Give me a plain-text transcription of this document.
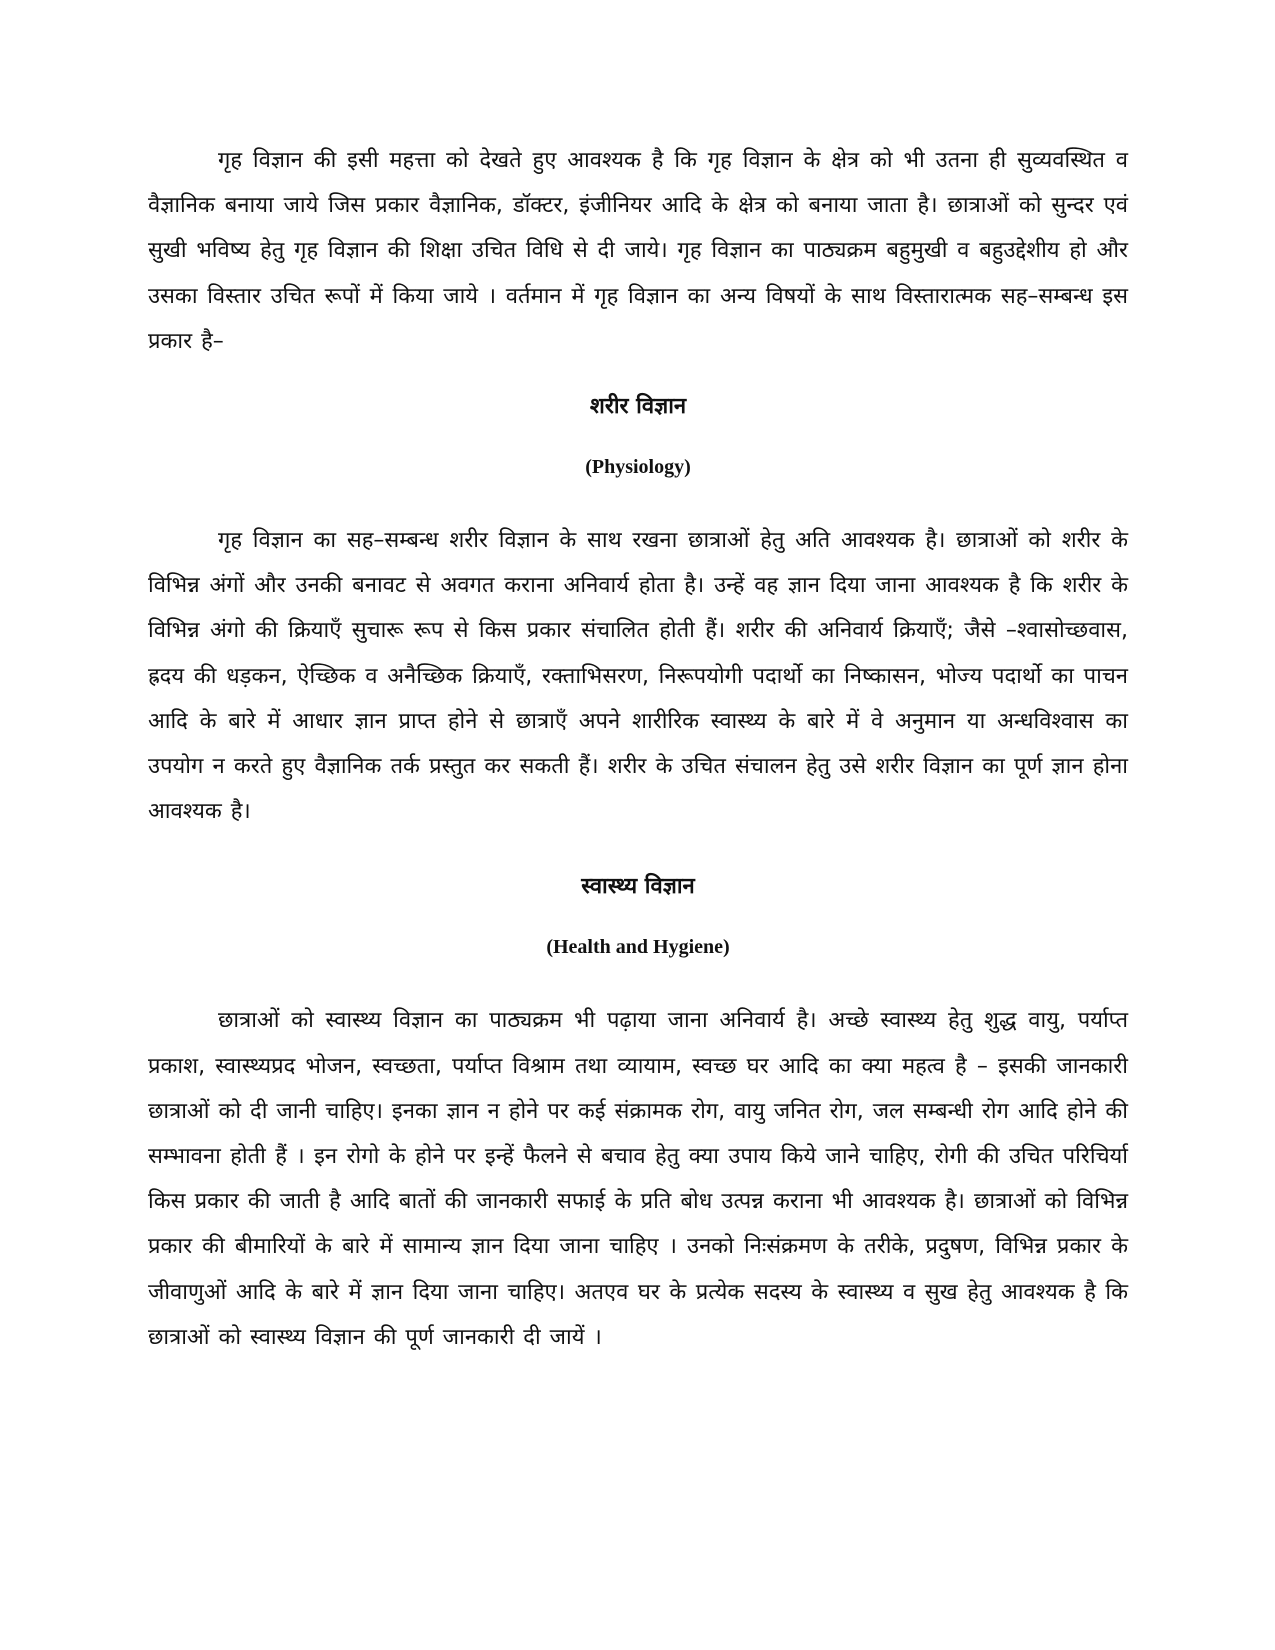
गृह विज्ञान की इसी महत्ता को देखते हुए आवश्यक है कि गृह विज्ञान के क्षेत्र को भी उतना ही सुव्यवस्थित व वैज्ञानिक बनाया जाये जिस प्रकार वैज्ञानिक, डॉक्टर, इंजीनियर आदि के क्षेत्र को बनाया जाता है। छात्राओं को सुन्दर एवं सुखी भविष्य हेतु गृह विज्ञान की शिक्षा उचित विधि से दी जाये। गृह विज्ञान का पाठ्यक्रम बहुमुखी व बहुउद्देशीय हो और उसका विस्तार उचित रूपों में किया जाये । वर्तमान में गृह विज्ञान का अन्य विषयों के साथ विस्तारात्मक सह–सम्बन्ध इस प्रकार है–

शरीर विज्ञान
(Physiology)

गृह विज्ञान का सह–सम्बन्ध शरीर विज्ञान के साथ रखना छात्राओं हेतु अति आवश्यक है। छात्राओं को शरीर के विभिन्न अंगों और उनकी बनावट से अवगत कराना अनिवार्य होता है। उन्हें वह ज्ञान दिया जाना आवश्यक है कि शरीर के विभिन्न अंगो की क्रियाएँ सुचारू रूप से किस प्रकार संचालित होती हैं। शरीर की अनिवार्य क्रियाएँ; जैसे –श्वासोच्छवास, ह्रदय की धड़कन, ऐच्छिक व अनैच्छिक क्रियाएँ, रक्ताभिसरण, निरूपयोगी पदार्थो का निष्कासन, भोज्य पदार्थो का पाचन आदि के बारे में आधार ज्ञान प्राप्त होने से छात्राएँ अपने शारीरिक स्वास्थ्य के बारे में वे अनुमान या अन्धविश्वास का उपयोग न करते हुए वैज्ञानिक तर्क प्रस्तुत कर सकती हैं। शरीर के उचित संचालन हेतु उसे शरीर विज्ञान का पूर्ण ज्ञान होना आवश्यक है।

स्वास्थ्य विज्ञान
(Health and Hygiene)

छात्राओं को स्वास्थ्य विज्ञान का पाठ्यक्रम भी पढ़ाया जाना अनिवार्य है। अच्छे स्वास्थ्य हेतु शुद्ध वायु, पर्याप्त प्रकाश, स्वास्थ्यप्रद भोजन, स्वच्छता, पर्याप्त विश्राम तथा व्यायाम, स्वच्छ घर आदि का क्या महत्व है – इसकी जानकारी छात्राओं को दी जानी चाहिए। इनका ज्ञान न होने पर कई संक्रामक रोग, वायु जनित रोग, जल सम्बन्धी रोग आदि होने की सम्भावना होती हैं । इन रोगो के होने पर इन्हें फैलने से बचाव हेतु क्या उपाय किये जाने चाहिए, रोगी की उचित परिचिर्या किस प्रकार की जाती है आदि बातों की जानकारी सफाई के प्रति बोध उत्पन्न कराना भी आवश्यक है। छात्राओं को विभिन्न प्रकार की बीमारियों के बारे में सामान्य ज्ञान दिया जाना चाहिए । उनको निःसंक्रमण के तरीके, प्रदुषण, विभिन्न प्रकार के जीवाणुओं आदि के बारे में ज्ञान दिया जाना चाहिए। अतएव घर के प्रत्येक सदस्य के स्वास्थ्य व सुख हेतु आवश्यक है कि छात्राओं को स्वास्थ्य विज्ञान की पूर्ण जानकारी दी जायें ।
